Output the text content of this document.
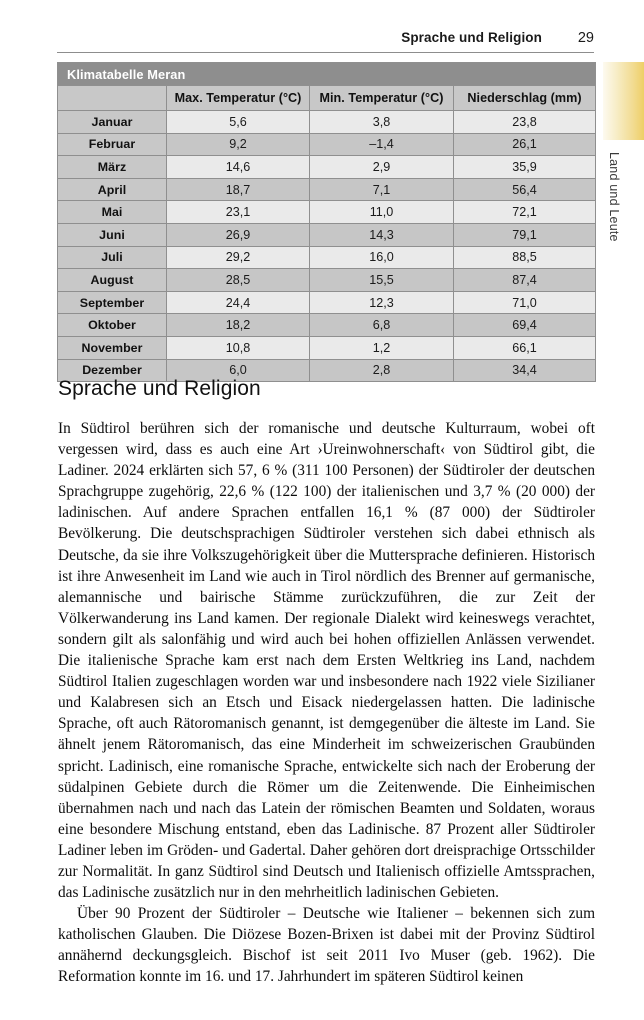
Sprache und Religion	29
Land und Leute
Klimatabelle Meran			
	Max. Temperatur (°C)	Min. Temperatur (°C)	Niederschlag (mm)
Januar	5,6	3,8	23,8
Februar	9,2	–1,4	26,1
März	14,6	2,9	35,9
April	18,7	7,1	56,4
Mai	23,1	11,0	72,1
Juni	26,9	14,3	79,1
Juli	29,2	16,0	88,5
August	28,5	15,5	87,4
September	24,4	12,3	71,0
Oktober	18,2	6,8	69,4
November	10,8	1,2	66,1
Dezember	6,0	2,8	34,4
Sprache und Religion

In Südtirol berühren sich der romanische und deutsche Kulturraum, wobei oft vergessen wird, dass es auch eine Art ›Ureinwohnerschaft‹ von Südtirol gibt, die Ladiner. 2024 erklärten sich 57, 6 % (311 100 Personen) der Südtiroler der deutschen Sprachgruppe zugehörig, 22,6 % (122 100) der italienischen und 3,7 % (20 000) der ladinischen. Auf andere Sprachen entfallen 16,1 % (87 000) der Südtiroler Bevölkerung. Die deutschsprachigen Südtiroler verstehen sich dabei ethnisch als Deutsche, da sie ihre Volkszugehörigkeit über die Muttersprache definieren. Historisch ist ihre Anwesenheit im Land wie auch in Tirol nördlich des Brenner auf germanische, alemannische und bairische Stämme zurückzuführen, die zur Zeit der Völkerwanderung ins Land kamen. Der regionale Dialekt wird keineswegs verachtet, sondern gilt als salonfähig und wird auch bei hohen offiziellen Anlässen verwendet. Die italienische Sprache kam erst nach dem Ersten Weltkrieg ins Land, nachdem Südtirol Italien zugeschlagen worden war und insbesondere nach 1922 viele Sizilianer und Kalabresen sich an Etsch und Eisack niedergelassen hatten. Die ladinische Sprache, oft auch Rätoromanisch genannt, ist demgegenüber die älteste im Land. Sie ähnelt jenem Rätoromanisch, das eine Minderheit im schweizerischen Graubünden spricht. Ladinisch, eine romanische Sprache, entwickelte sich nach der Eroberung der südalpinen Gebiete durch die Römer um die Zeitenwende. Die Einheimischen übernahmen nach und nach das Latein der römischen Beamten und Soldaten, woraus eine besondere Mischung entstand, eben das Ladinische. 87 Prozent aller Südtiroler Ladiner leben im Gröden- und Gadertal. Daher gehören dort dreisprachige Ortsschilder zur Normalität. In ganz Südtirol sind Deutsch und Italienisch offizielle Amtssprachen, das Ladinische zusätzlich nur in den mehrheitlich ladinischen Gebieten.

Über 90 Prozent der Südtiroler – Deutsche wie Italiener – bekennen sich zum katholischen Glauben. Die Diözese Bozen-Brixen ist dabei mit der Provinz Südtirol annähernd deckungsgleich. Bischof ist seit 2011 Ivo Muser (geb. 1962). Die Reformation konnte im 16. und 17. Jahrhundert im späteren Südtirol keinen
